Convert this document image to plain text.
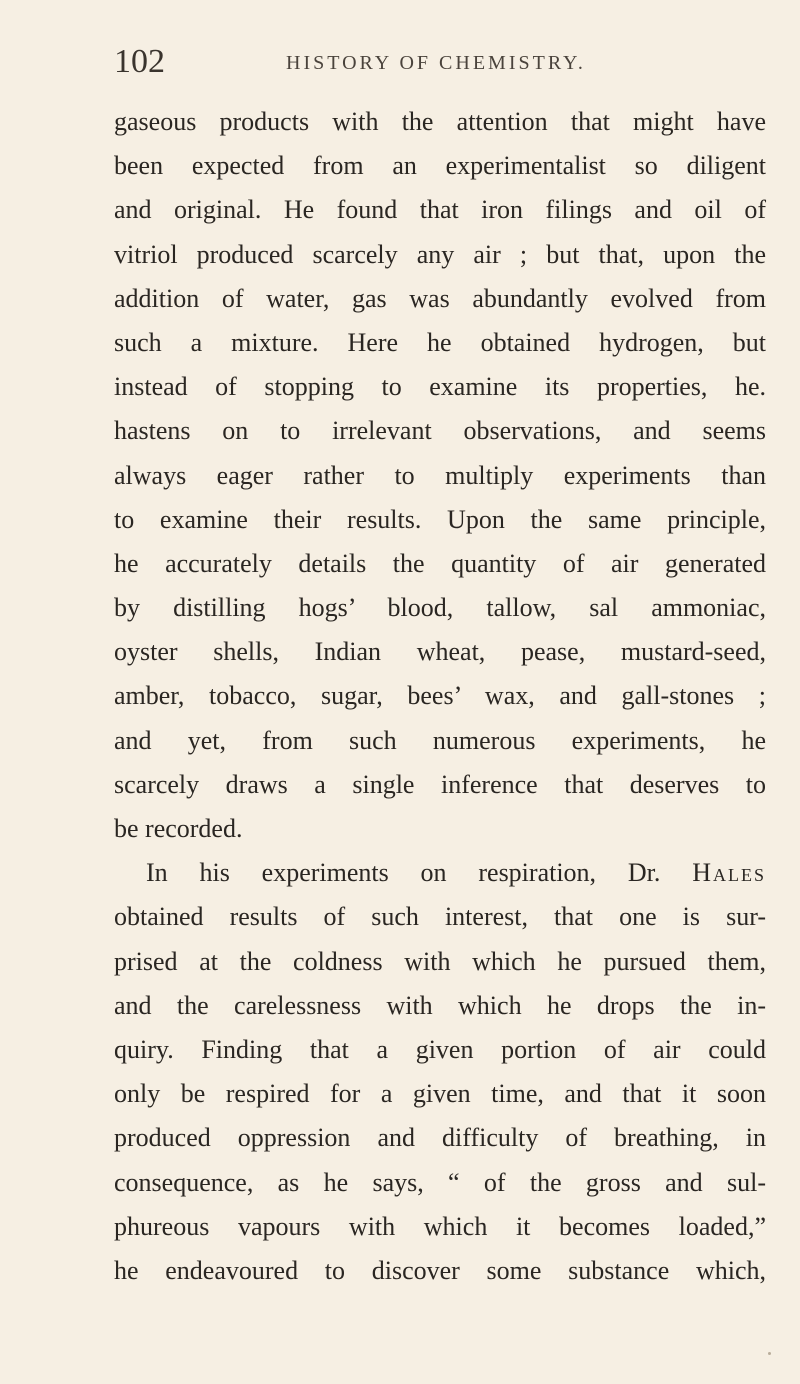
102	HISTORY OF CHEMISTRY.
gaseous products with the attention that might have
been expected from an experimentalist so diligent
and original. He found that iron filings and oil of
vitriol produced scarcely any air ; but that, upon the
addition of water, gas was abundantly evolved from
such a mixture. Here he obtained hydrogen, but
instead of stopping to examine its properties, he.
hastens on to irrelevant observations, and seems
always eager rather to multiply experiments than
to examine their results. Upon the same principle,
he accurately details the quantity of air generated
by distilling hogs’ blood, tallow, sal ammoniac,
oyster shells, Indian wheat, pease, mustard-seed,
amber, tobacco, sugar, bees’ wax, and gall-stones ;
and yet, from such numerous experiments, he
scarcely draws a single inference that deserves to
be recorded.
In his experiments on respiration, Dr. Hales
obtained results of such interest, that one is sur-
prised at the coldness with which he pursued them,
and the carelessness with which he drops the in-
quiry. Finding that a given portion of air could
only be respired for a given time, and that it soon
produced oppression and difficulty of breathing, in
consequence, as he says, “ of the gross and sul-
phureous vapours with which it becomes loaded,”
he endeavoured to discover some substance which,
